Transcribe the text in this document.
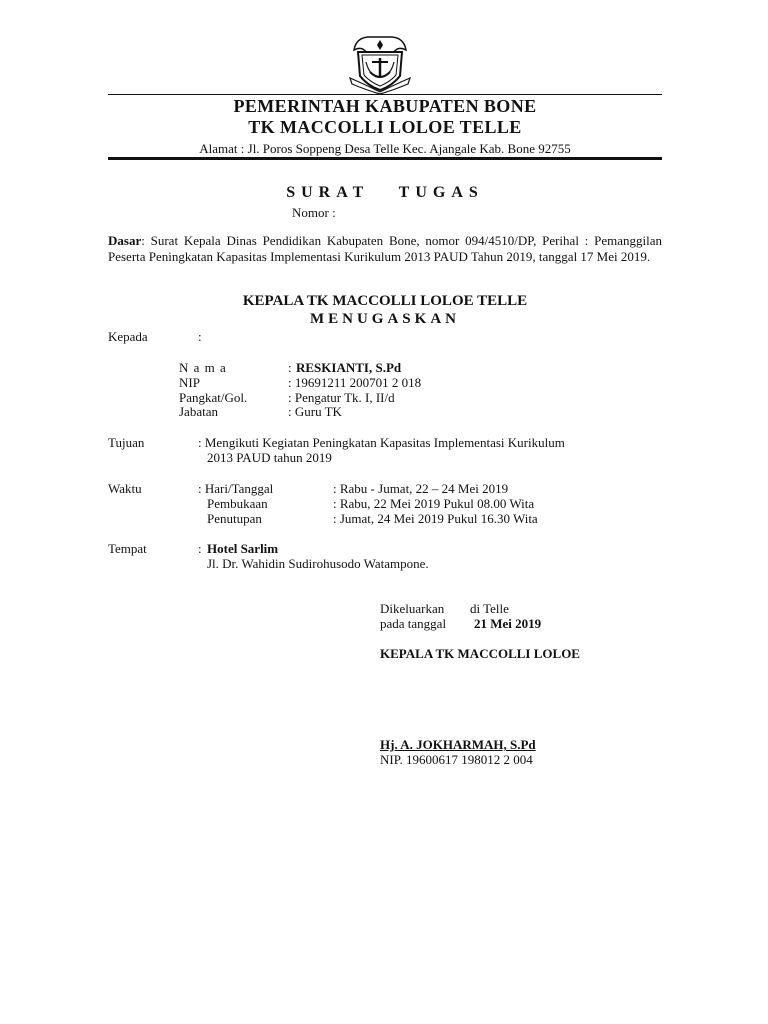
PEMERINTAH KABUPATEN BONE
TK MACCOLLI LOLOE TELLE
Alamat : Jl. Poros Soppeng Desa Telle Kec. Ajangale Kab. Bone 92755
SURAT   TUGAS
Nomor :
Dasar: Surat Kepala Dinas Pendidikan Kabupaten Bone, nomor 094/4510/DP, Perihal : Pemanggilan Peserta Peningkatan Kapasitas Implementasi Kurikulum 2013 PAUD Tahun 2019, tanggal 17 Mei 2019.
KEPALA TK MACCOLLI LOLOE TELLE
MENUGASKAN
Kepada	:
N a m a	: RESKIANTI, S.Pd
NIP	: 19691211 200701 2 018
Pangkat/Gol.	: Pengatur Tk. I, II/d
Jabatan	: Guru TK
Tujuan	: Mengikuti Kegiatan Peningkatan Kapasitas Implementasi Kurikulum
2013 PAUD tahun 2019
Waktu	: Hari/Tanggal	: Rabu - Jumat, 22 – 24 Mei 2019
Pembukaan	: Rabu, 22 Mei 2019 Pukul 08.00 Wita
Penutupan	: Jumat, 24 Mei 2019 Pukul 16.30 Wita
Tempat	: Hotel Sarlim
Jl. Dr. Wahidin Sudirohusodo Watampone.
Dikeluarkan di Telle
pada tanggal 21 Mei 2019
KEPALA TK MACCOLLI LOLOE
Hj. A. JOKHARMAH, S.Pd
NIP. 19600617 198012 2 004
